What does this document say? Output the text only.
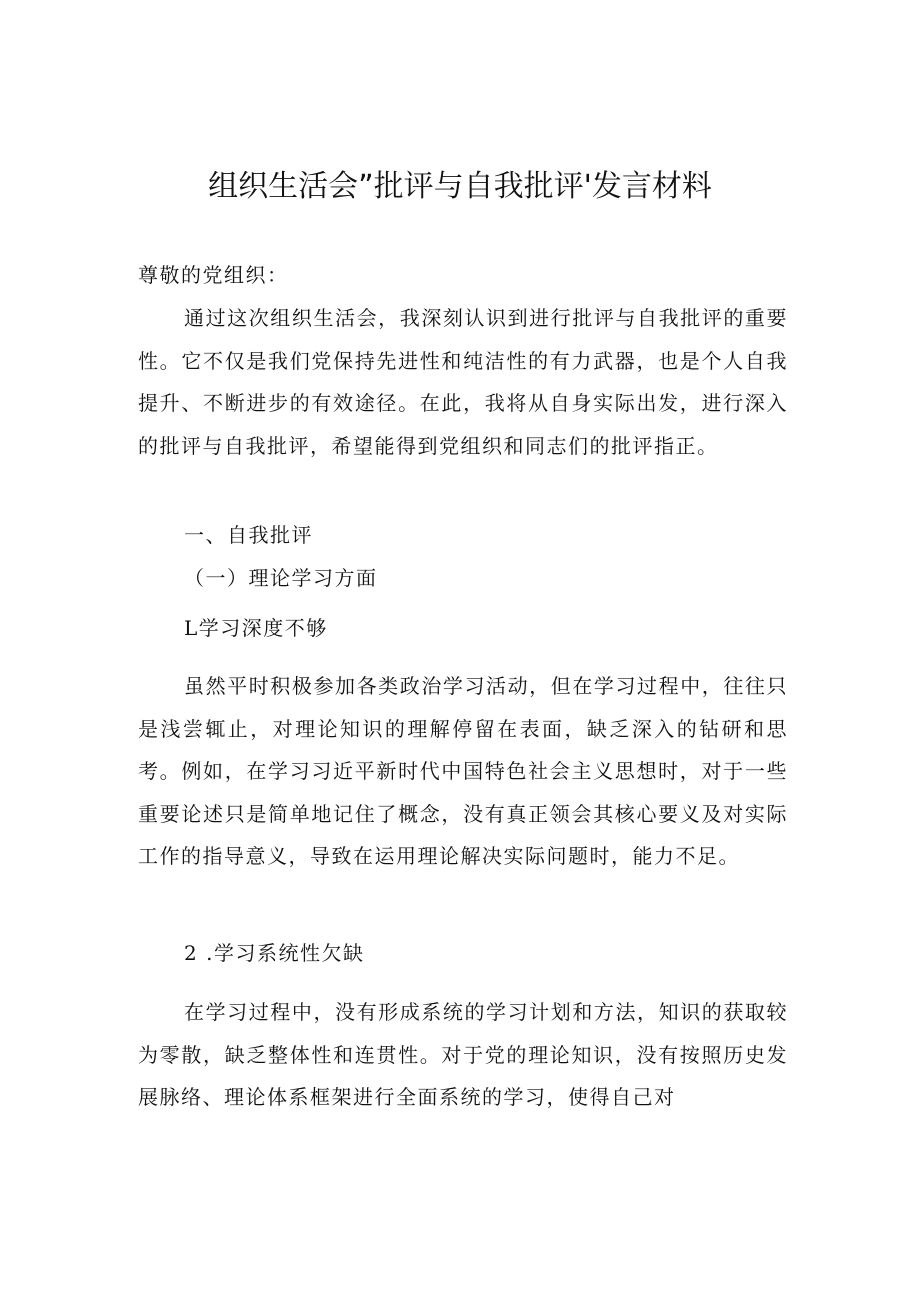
组织生活会”批评与自我批评'发言材料

尊敬的党组织：

通过这次组织生活会，我深刻认识到进行批评与自我批评的重要性。它不仅是我们党保持先进性和纯洁性的有力武器，也是个人自我提升、不断进步的有效途径。在此，我将从自身实际出发，进行深入的批评与自我批评，希望能得到党组织和同志们的批评指正。

一、自我批评

（一）理论学习方面

L学习深度不够

虽然平时积极参加各类政治学习活动，但在学习过程中，往往只是浅尝辄止，对理论知识的理解停留在表面，缺乏深入的钻研和思考。例如，在学习习近平新时代中国特色社会主义思想时，对于一些重要论述只是简单地记住了概念，没有真正领会其核心要义及对实际工作的指导意义，导致在运用理论解决实际问题时，能力不足。

2 .学习系统性欠缺

在学习过程中，没有形成系统的学习计划和方法，知识的获取较为零散，缺乏整体性和连贯性。对于党的理论知识，没有按照历史发展脉络、理论体系框架进行全面系统的学习，使得自己对
